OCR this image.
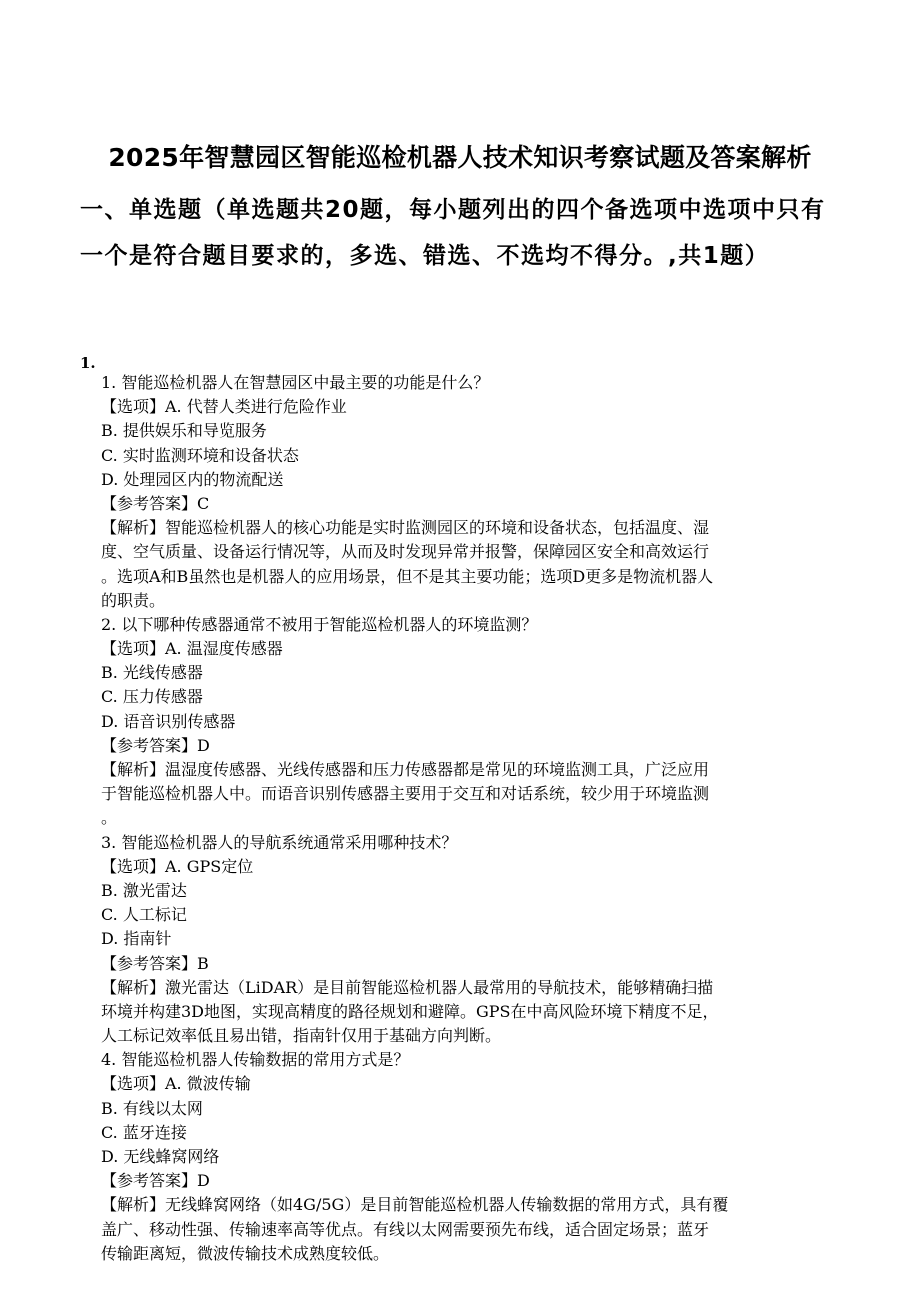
2025年智慧园区智能巡检机器人技术知识考察试题及答案解析
一、单选题（单选题共20题，每小题列出的四个备选项中选项中只有
一个是符合题目要求的，多选、错选、不选均不得分。,共1题）
1.

1. 智能巡检机器人在智慧园区中最主要的功能是什么？

【选项】A. 代替人类进行危险作业

B. 提供娱乐和导览服务

C. 实时监测环境和设备状态

D. 处理园区内的物流配送

【参考答案】C

【解析】智能巡检机器人的核心功能是实时监测园区的环境和设备状态，包括温度、湿
度、空气质量、设备运行情况等，从而及时发现异常并报警，保障园区安全和高效运行
。选项A和B虽然也是机器人的应用场景，但不是其主要功能；选项D更多是物流机器人
的职责。

2. 以下哪种传感器通常不被用于智能巡检机器人的环境监测？

【选项】A. 温湿度传感器

B. 光线传感器

C. 压力传感器

D. 语音识别传感器

【参考答案】D

【解析】温湿度传感器、光线传感器和压力传感器都是常见的环境监测工具，广泛应用
于智能巡检机器人中。而语音识别传感器主要用于交互和对话系统，较少用于环境监测
。

3. 智能巡检机器人的导航系统通常采用哪种技术？

【选项】A. GPS定位

B. 激光雷达

C. 人工标记

D. 指南针

【参考答案】B

【解析】激光雷达（LiDAR）是目前智能巡检机器人最常用的导航技术，能够精确扫描
环境并构建3D地图，实现高精度的路径规划和避障。GPS在中高风险环境下精度不足，
人工标记效率低且易出错，指南针仅用于基础方向判断。

4. 智能巡检机器人传输数据的常用方式是？

【选项】A. 微波传输

B. 有线以太网

C. 蓝牙连接

D. 无线蜂窝网络

【参考答案】D

【解析】无线蜂窝网络（如4G/5G）是目前智能巡检机器人传输数据的常用方式，具有覆
盖广、移动性强、传输速率高等优点。有线以太网需要预先布线，适合固定场景；蓝牙
传输距离短，微波传输技术成熟度较低。
